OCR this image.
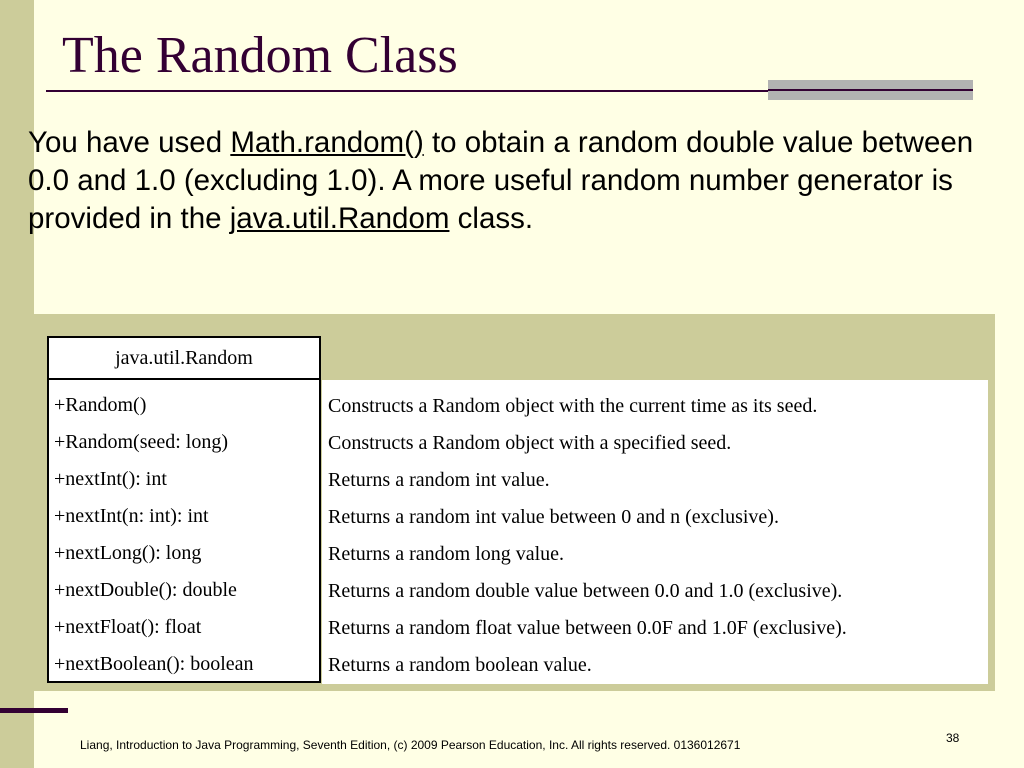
The Random Class
You have used Math.random() to obtain a random double value between 0.0 and 1.0 (excluding 1.0). A more useful random number generator is provided in the java.util.Random class.
java.util.Random
+Random()
+Random(seed: long)
+nextInt(): int
+nextInt(n: int): int
+nextLong(): long
+nextDouble(): double
+nextFloat(): float
+nextBoolean(): boolean
Constructs a Random object with the current time as its seed.
Constructs a Random object with a specified seed.
Returns a random int value.
Returns a random int value between 0 and n (exclusive).
Returns a random long value.
Returns a random double value between 0.0 and 1.0 (exclusive).
Returns a random float value between 0.0F and 1.0F (exclusive).
Returns a random boolean value.
Liang, Introduction to Java Programming, Seventh Edition, (c) 2009 Pearson Education, Inc. All rights reserved. 0136012671	38
